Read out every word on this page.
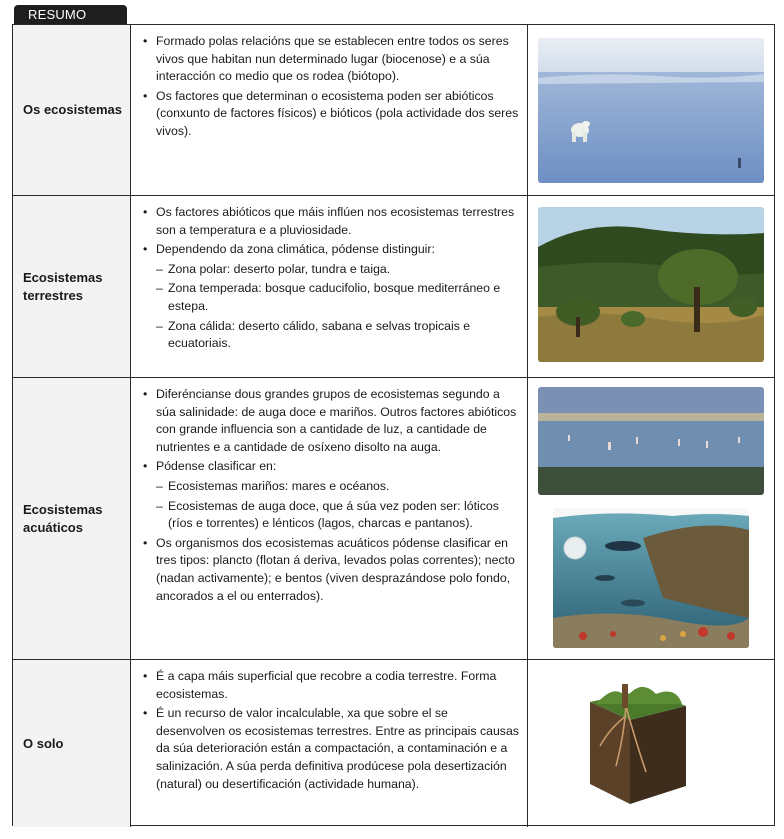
RESUMO
Os ecosistemas
• Formado polas relacións que se establecen entre todos os seres vivos que habitan nun determinado lugar (biocenose) e a súa interacción co medio que os rodea (biótopo).
• Os factores que determinan o ecosistema poden ser abióticos (conxunto de factores físicos) e bióticos (pola actividade dos seres vivos).
Ecosistemas terrestres
• Os factores abióticos que máis inflúen nos ecosistemas terrestres son a temperatura e a pluviosidade.
• Dependendo da zona climática, pódense distinguir:
– Zona polar: deserto polar, tundra e taiga.
– Zona temperada: bosque caducifolio, bosque mediterráneo e estepa.
– Zona cálida: deserto cálido, sabana e selvas tropicais e ecuatoriais.
Ecosistemas acuáticos
• Diferéncianse dous grandes grupos de ecosistemas segundo a súa salinidade: de auga doce e mariños. Outros factores abióticos con grande influencia son a cantidade de luz, a cantidade de nutrientes e a cantidade de osíxeno disolto na auga.
• Pódense clasificar en:
– Ecosistemas mariños: mares e océanos.
– Ecosistemas de auga doce, que á súa vez poden ser: lóticos (ríos e torrentes) e lénticos (lagos, charcas e pantanos).
• Os organismos dos ecosistemas acuáticos pódense clasificar en tres tipos: plancto (flotan á deriva, levados polas correntes); necto (nadan activamente); e bentos (viven desprazándose polo fondo, ancorados a el ou enterrados).
O solo
• É a capa máis superficial que recobre a codia terrestre. Forma ecosistemas.
• É un recurso de valor incalculable, xa que sobre el se desenvolven os ecosistemas terrestres. Entre as principais causas da súa deterioración están a compactación, a contaminación e a salinización. A súa perda definitiva prodúcese pola desertización (natural) ou desertificación (actividade humana).
